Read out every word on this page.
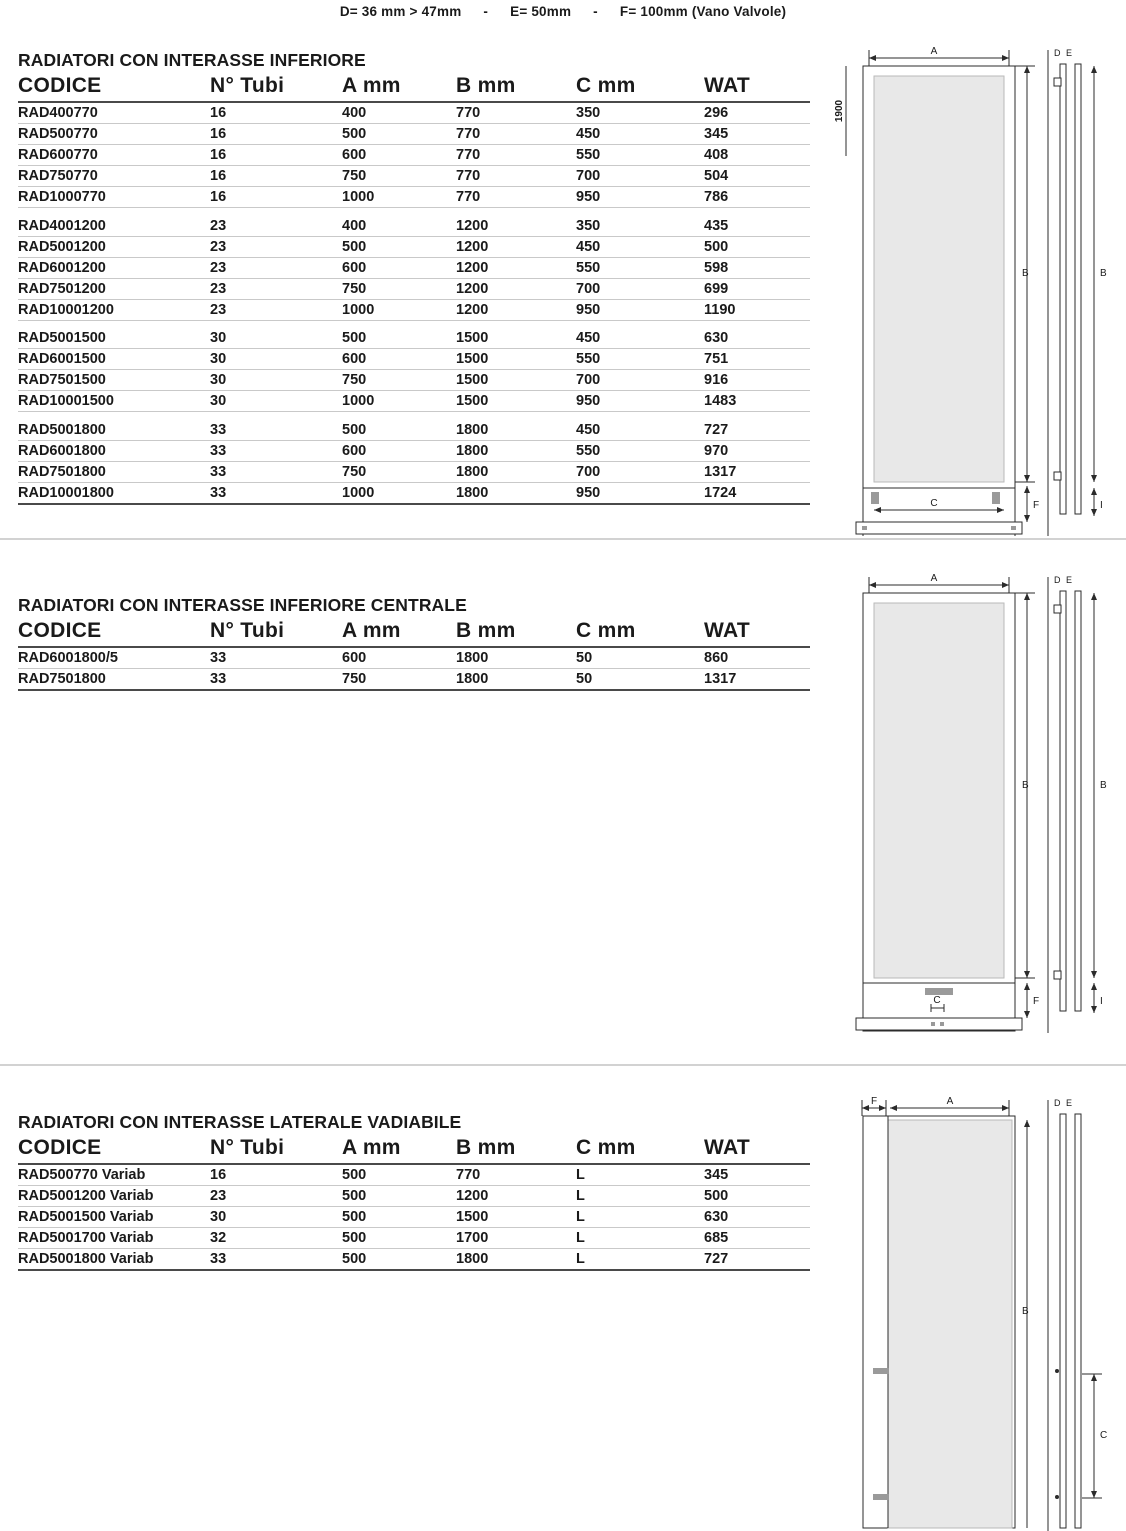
D= 36 mm > 47mm - E= 50mm - F= 100mm (Vano Valvole)
RADIATORI CON INTERASSE INFERIORE
CODICE	N° Tubi	A mm	B mm	C mm	WAT
RAD400770	16	400	770	350	296
RAD500770	16	500	770	450	345
RAD600770	16	600	770	550	408
RAD750770	16	750	770	700	504
RAD1000770	16	1000	770	950	786

RAD4001200	23	400	1200	350	435
RAD5001200	23	500	1200	450	500
RAD6001200	23	600	1200	550	598
RAD7501200	23	750	1200	700	699
RAD10001200	23	1000	1200	950	1190

RAD5001500	30	500	1500	450	630
RAD6001500	30	600	1500	550	751
RAD7501500	30	750	1500	700	916
RAD10001500	30	1000	1500	950	1483

RAD5001800	33	500	1800	450	727
RAD6001800	33	600	1800	550	970
RAD7501800	33	750	1800	700	1317
RAD10001800	33	1000	1800	950	1724
A
B
C	F
B
I
D E
1900
RADIATORI CON INTERASSE INFERIORE CENTRALE
CODICE	N° Tubi	A mm	B mm	C mm	WAT
RAD6001800/5	33	600	1800	50	860
RAD7501800	33	750	1800	50	1317
A
B
C	F
B
I
D E
RADIATORI CON INTERASSE LATERALE VADIABILE
CODICE	N° Tubi	A mm	B mm	C mm	WAT
RAD500770 Variab	16	500	770	L	345
RAD5001200 Variab	23	500	1200	L	500
RAD5001500 Variab	30	500	1500	L	630
RAD5001700 Variab	32	500	1700	L	685
RAD5001800 Variab	33	500	1800	L	727
F	A
B
C
D E
